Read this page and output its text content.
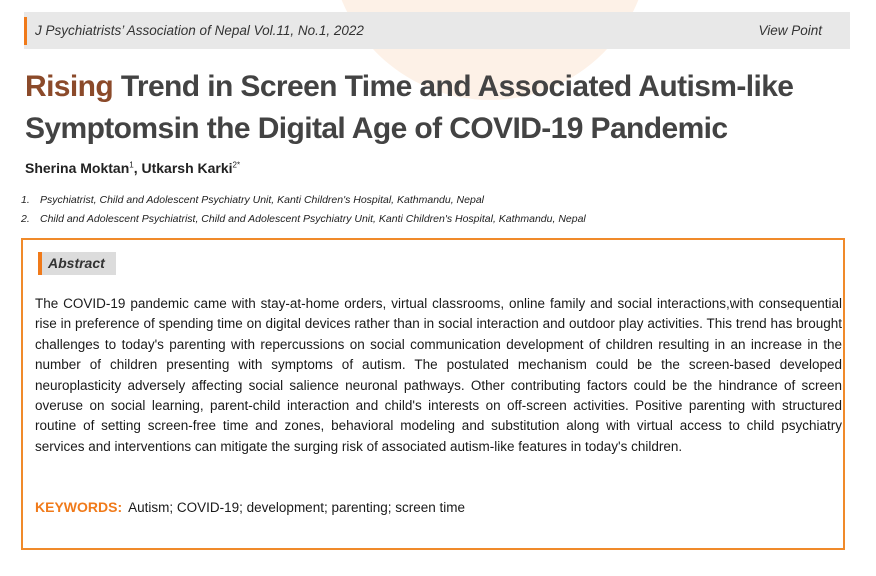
J Psychiatrists’ Association of Nepal Vol.11, No.1, 2022	View Point
Rising Trend in Screen Time and Associated Autism-like
Symptomsin the Digital Age of COVID-19 Pandemic
Sherina Moktan$^1$, Utkarsh Karki$^{2*}$
1. Psychiatrist, Child and Adolescent Psychiatry Unit, Kanti Children's Hospital, Kathmandu, Nepal
2. Child and Adolescent Psychiatrist, Child and Adolescent Psychiatry Unit, Kanti Children's Hospital, Kathmandu, Nepal
Abstract

The COVID-19 pandemic came with stay-at-home orders, virtual classrooms, online family and social interactions,with consequential rise in preference of spending time on digital devices rather than in social interaction and outdoor play activities. This trend has brought challenges to today's parenting with repercussions on social communication development of children resulting in an increase in the number of children presenting with symptoms of autism. The postulated mechanism could be the screen-based developed neuroplasticity adversely affecting social salience neuronal pathways. Other contributing factors could be the hindrance of screen overuse on social learning, parent-child interaction and child's interests on off-screen activities. Positive parenting with structured routine of setting screen-free time and zones, behavioral modeling and substitution along with virtual access to child psychiatry services and interventions can mitigate the surging risk of associated autism-like features in today's children.

KEYWORDS: Autism; COVID-19; development; parenting; screen time
